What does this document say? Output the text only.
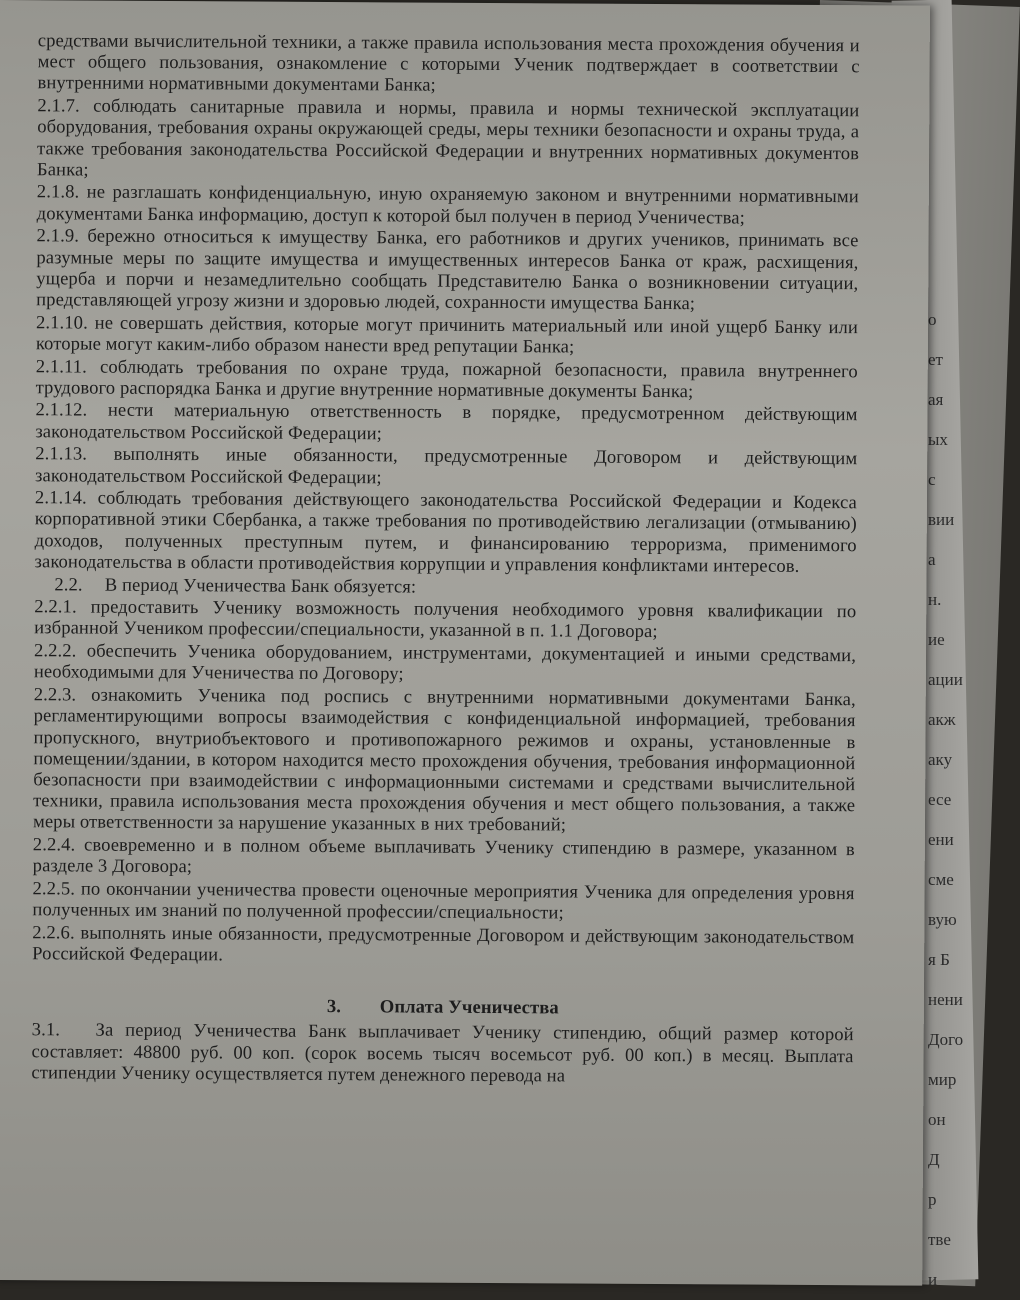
о
ет
ая
ых
с
вии
а
н.
ие
ации
акж
аку
есе
ени
сме
вую
я Б
нени
Дого
мир
он
Д
р
тве
и
средствами вычислительной техники, а также правила использования места прохождения обучения и мест общего пользования, ознакомление с которыми Ученик подтверждает в соответствии с внутренними нормативными документами Банка;
2.1.7. соблюдать санитарные правила и нормы, правила и нормы технической эксплуатации оборудования, требования охраны окружающей среды, меры техники безопасности и охраны труда, а также требования законодательства Российской Федерации и внутренних нормативных документов Банка;
2.1.8. не разглашать конфиденциальную, иную охраняемую законом и внутренними нормативными документами Банка информацию, доступ к которой был получен в период Ученичества;
2.1.9. бережно относиться к имуществу Банка, его работников и других учеников, принимать все разумные меры по защите имущества и имущественных интересов Банка от краж, расхищения, ущерба и порчи и незамедлительно сообщать Представителю Банка о возникновении ситуации, представляющей угрозу жизни и здоровью людей, сохранности имущества Банка;
2.1.10. не совершать действия, которые могут причинить материальный или иной ущерб Банку или которые могут каким-либо образом нанести вред репутации Банка;
2.1.11. соблюдать требования по охране труда, пожарной безопасности, правила внутреннего трудового распорядка Банка и другие внутренние нормативные документы Банка;
2.1.12. нести материальную ответственность в порядке, предусмотренном действующим законодательством Российской Федерации;
2.1.13. выполнять иные обязанности, предусмотренные Договором и действующим законодательством Российской Федерации;
2.1.14. соблюдать требования действующего законодательства Российской Федерации и Кодекса корпоративной этики Сбербанка, а также требования по противодействию легализации (отмыванию) доходов, полученных преступным путем, и финансированию терроризма, применимого законодательства в области противодействия коррупции и управления конфликтами интересов.
2.2. В период Ученичества Банк обязуется:
2.2.1. предоставить Ученику возможность получения необходимого уровня квалификации по избранной Учеником профессии/специальности, указанной в п. 1.1 Договора;
2.2.2. обеспечить Ученика оборудованием, инструментами, документацией и иными средствами, необходимыми для Ученичества по Договору;
2.2.3. ознакомить Ученика под роспись с внутренними нормативными документами Банка, регламентирующими вопросы взаимодействия с конфиденциальной информацией, требования пропускного, внутриобъектового и противопожарного режимов и охраны, установленные в помещении/здании, в котором находится место прохождения обучения, требования информационной безопасности при взаимодействии с информационными системами и средствами вычислительной техники, правила использования места прохождения обучения и мест общего пользования, а также меры ответственности за нарушение указанных в них требований;
2.2.4. своевременно и в полном объеме выплачивать Ученику стипендию в размере, указанном в разделе 3 Договора;
2.2.5. по окончании ученичества провести оценочные мероприятия Ученика для определения уровня полученных им знаний по полученной профессии/специальности;
2.2.6. выполнять иные обязанности, предусмотренные Договором и действующим законодательством Российской Федерации.
3. Оплата Ученичества
3.1. За период Ученичества Банк выплачивает Ученику стипендию, общий размер которой составляет: 48800 руб. 00 коп. (сорок восемь тысяч восемьсот руб. 00 коп.) в месяц. Выплата стипендии Ученику осуществляется путем денежного перевода на
